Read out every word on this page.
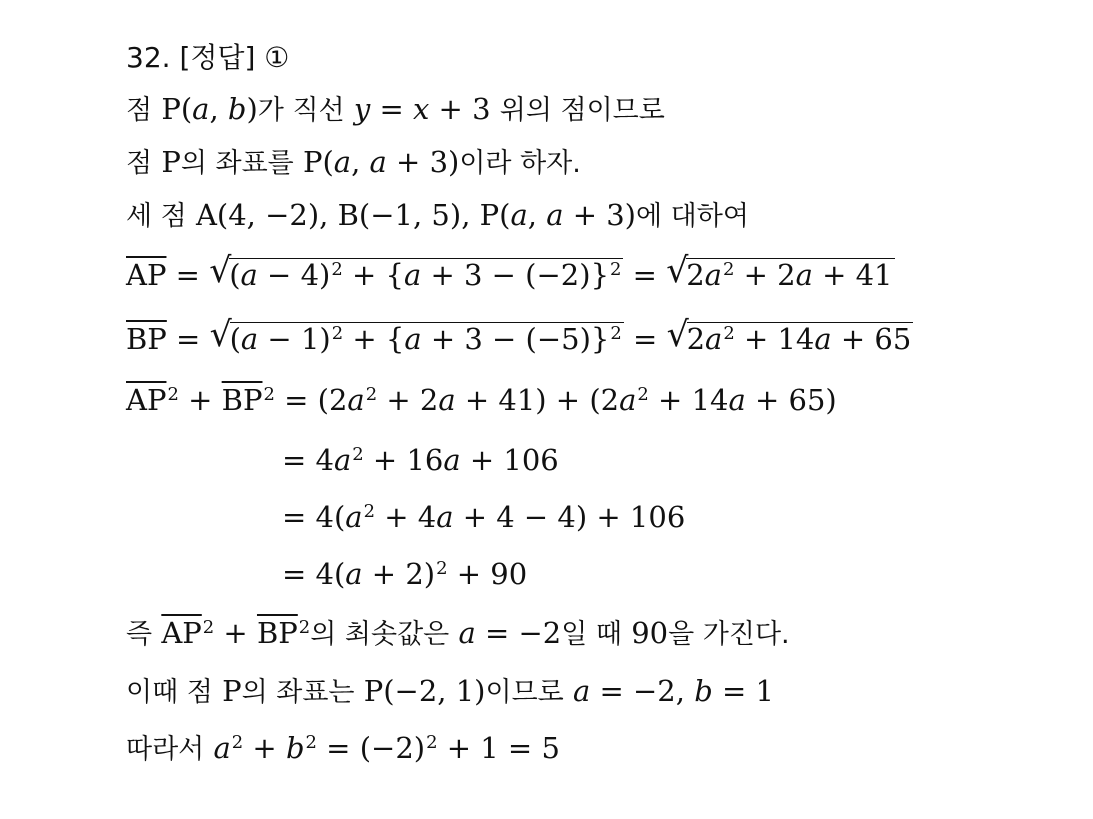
32. [정답] ①
점 P(a, b)가 직선 y = x + 3 위의 점이므로
점 P의 좌표를 P(a, a + 3)이라 하자.
세 점 A(4, −2), B(−1, 5), P(a, a + 3)에 대하여
$\overline{AP}$ = √
$(a - 4)^2 + \{a + 3 - (-2)\}^2$ = √
$2a^2 + 2a + 41$
$\overline{BP}$ = √
$(a - 1)^2 + \{a + 3 - (-5)\}^2$ = √
$2a^2 + 14a + 65$
$\overline{AP}^2 + \overline{BP}^2 = (2a^2 + 2a + 41) + (2a^2 + 14a + 65)$
= $4a^2 + 16a + 106$
= $4(a^2 + 4a + 4 - 4) + 106$
= $4(a + 2)^2 + 90$
즉 $\overline{AP}^2 + \overline{BP}^2$의 최솟값은 a = −2일 때 90을 가진다.
이때 점 P의 좌표는 P(−2, 1)이므로 a = −2, b = 1
따라서 $a^2 + b^2 = (-2)^2 + 1 = 5$
